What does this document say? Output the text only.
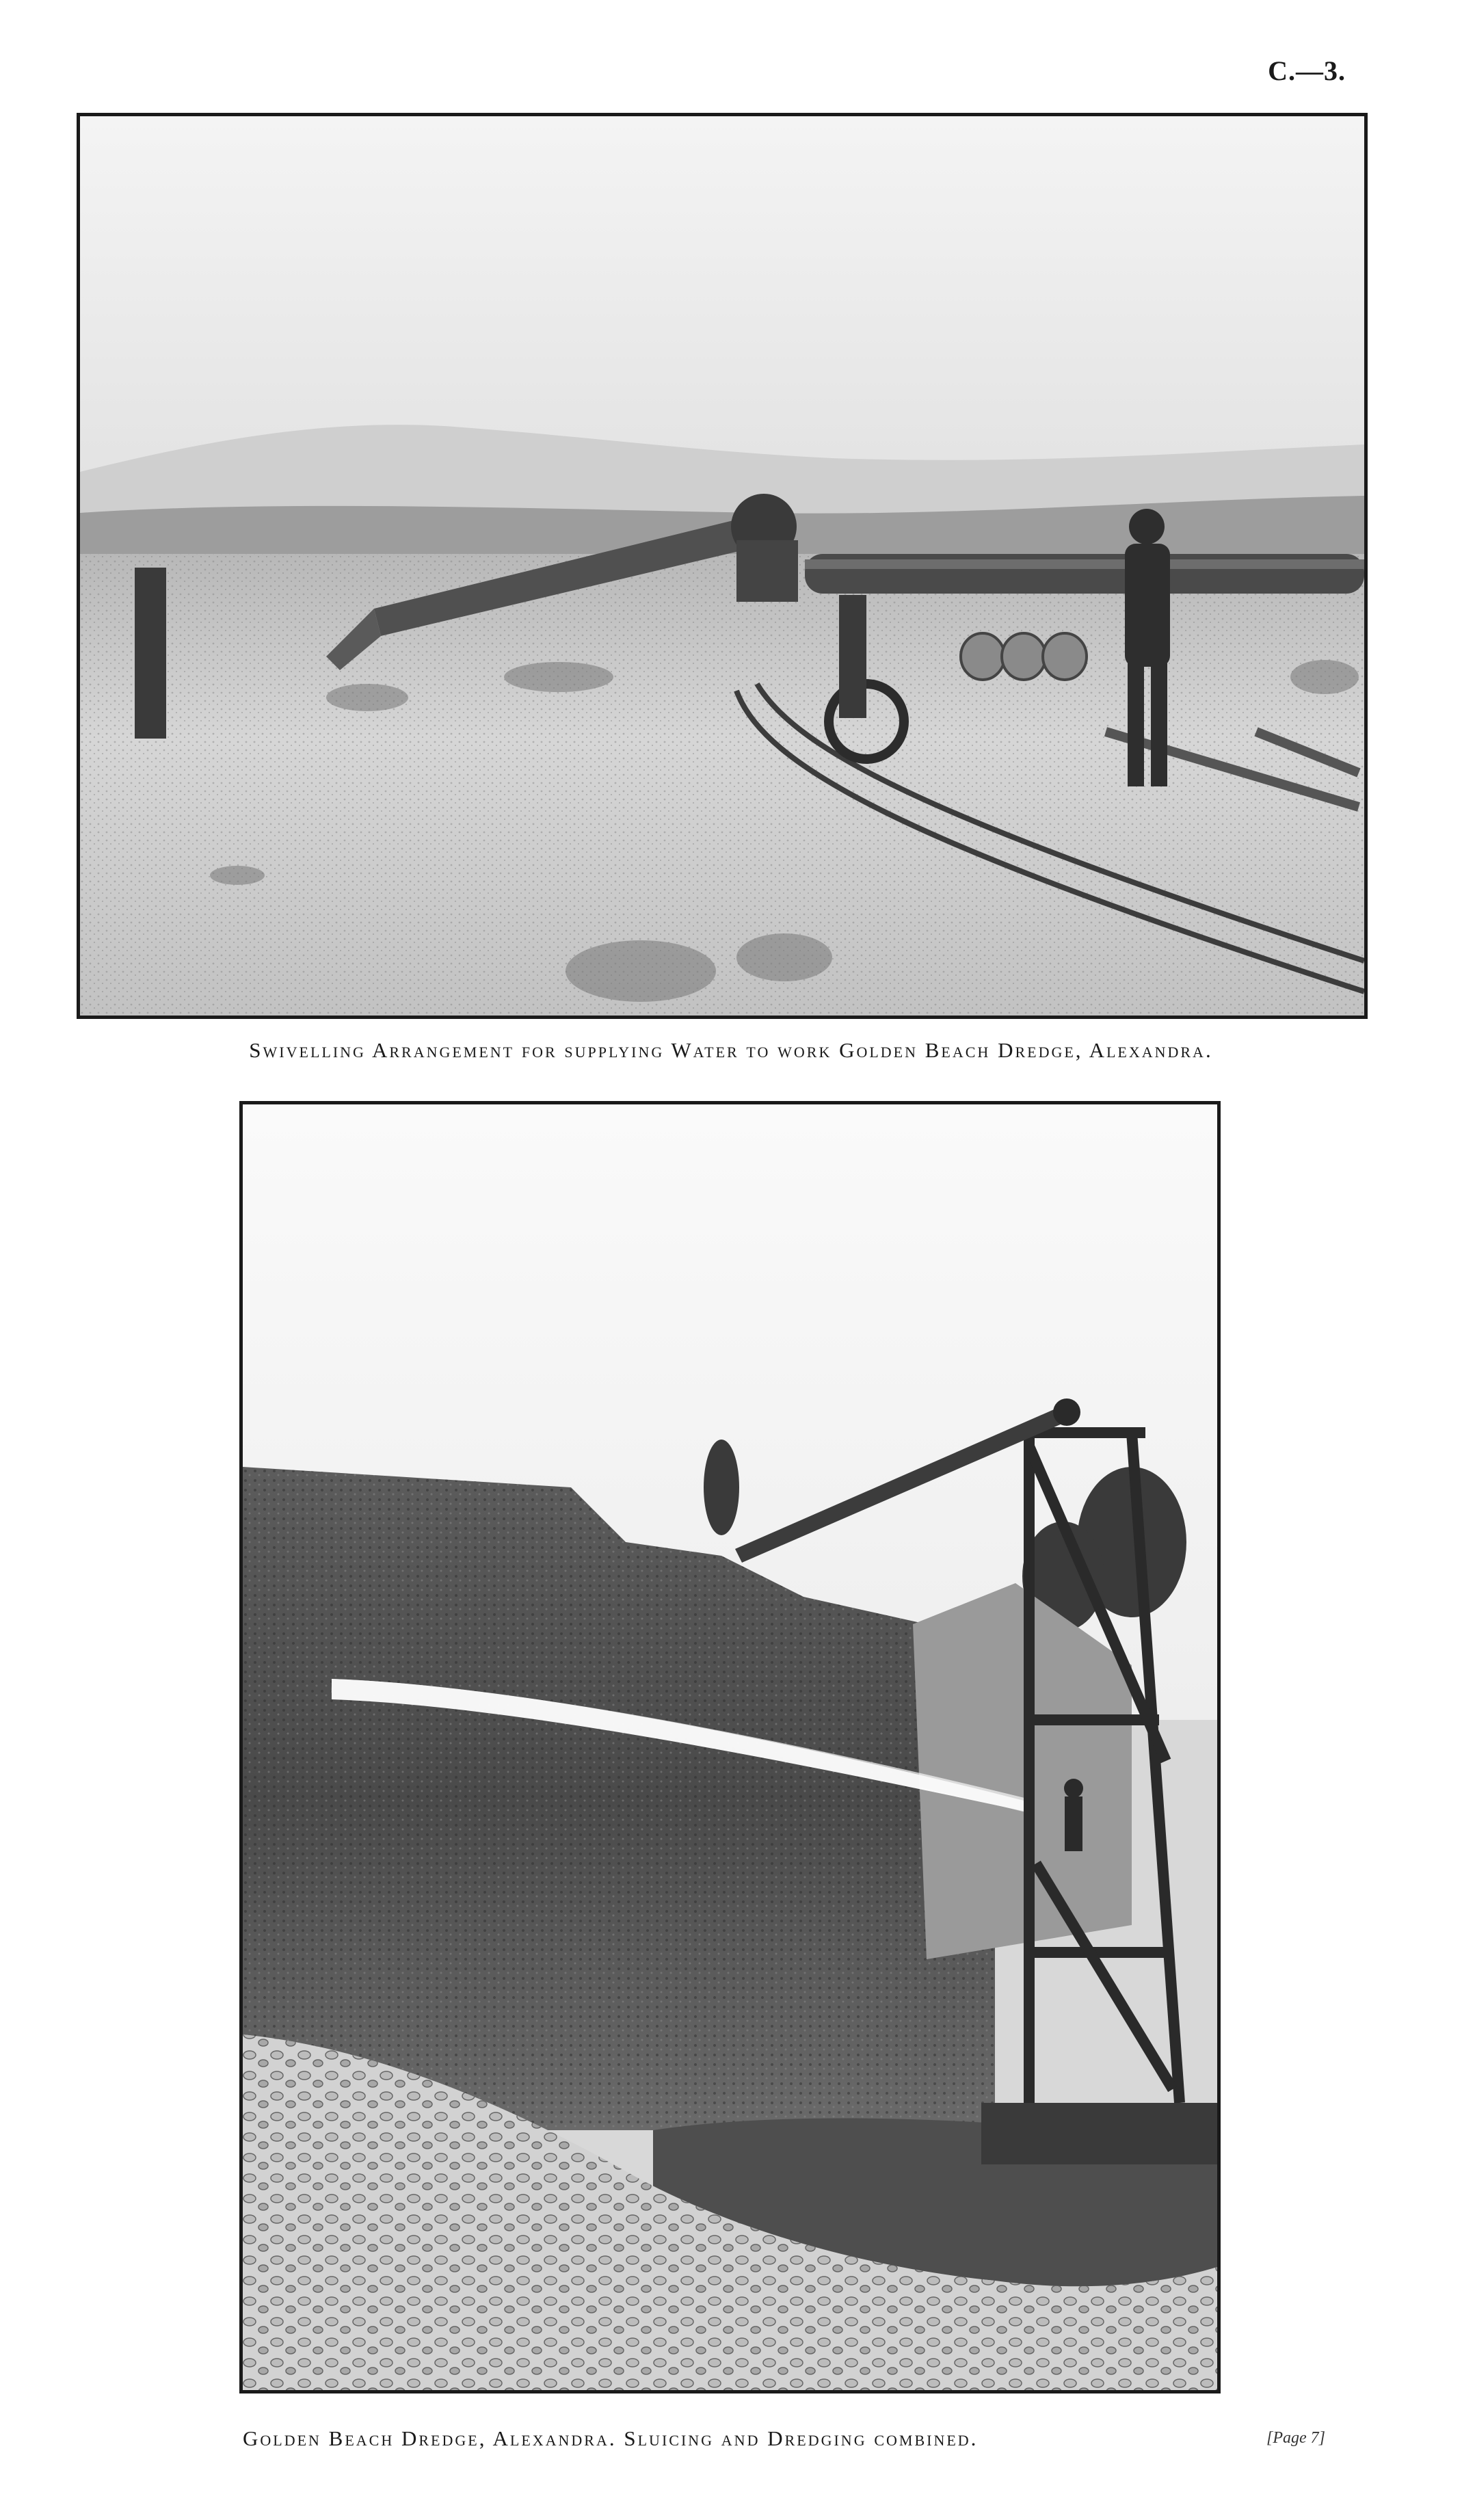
C.—3.
Swivelling Arrangement for supplying Water to work Golden Beach Dredge, Alexandra.
Golden Beach Dredge, Alexandra. Sluicing and Dredging combined.	[Page 7]
